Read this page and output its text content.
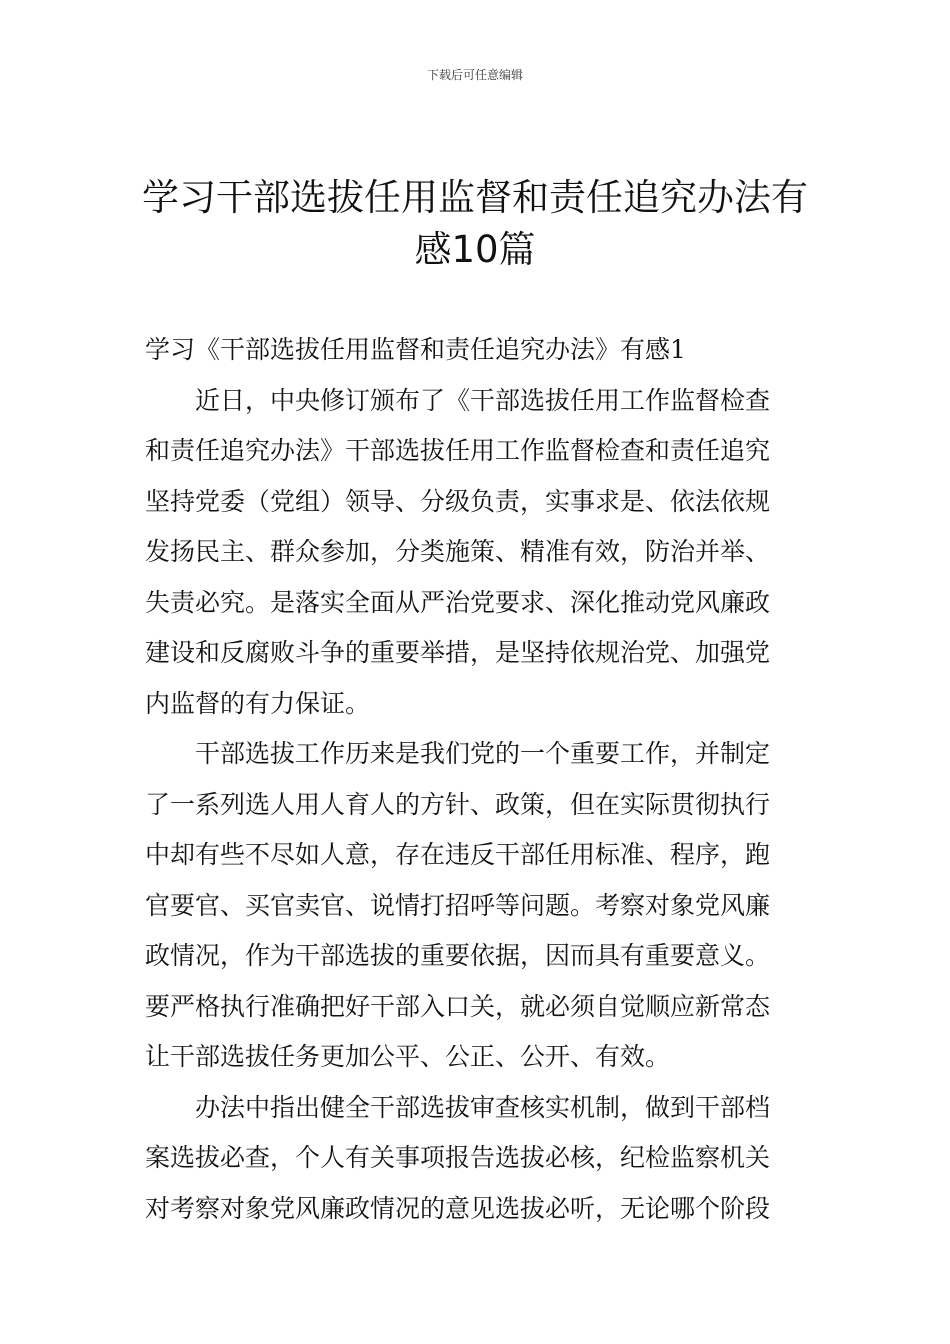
下载后可任意编辑
学习干部选拔任用监督和责任追究办法有
感10篇

学习《干部选拔任用监督和责任追究办法》有感1

近日，中央修订颁布了《干部选拔任用工作监督检查
和责任追究办法》干部选拔任用工作监督检查和责任追究
坚持党委（党组）领导、分级负责，实事求是、依法依规
发扬民主、群众参加，分类施策、精准有效，防治并举、
失责必究。是落实全面从严治党要求、深化推动党风廉政
建设和反腐败斗争的重要举措，是坚持依规治党、加强党
内监督的有力保证。

干部选拔工作历来是我们党的一个重要工作，并制定
了一系列选人用人育人的方针、政策，但在实际贯彻执行
中却有些不尽如人意，存在违反干部任用标准、程序，跑
官要官、买官卖官、说情打招呼等问题。考察对象党风廉
政情况，作为干部选拔的重要依据，因而具有重要意义。
要严格执行准确把好干部入口关，就必须自觉顺应新常态
让干部选拔任务更加公平、公正、公开、有效。

办法中指出健全干部选拔审查核实机制，做到干部档
案选拔必查，个人有关事项报告选拔必核，纪检监察机关
对考察对象党风廉政情况的意见选拔必听，无论哪个阶段
